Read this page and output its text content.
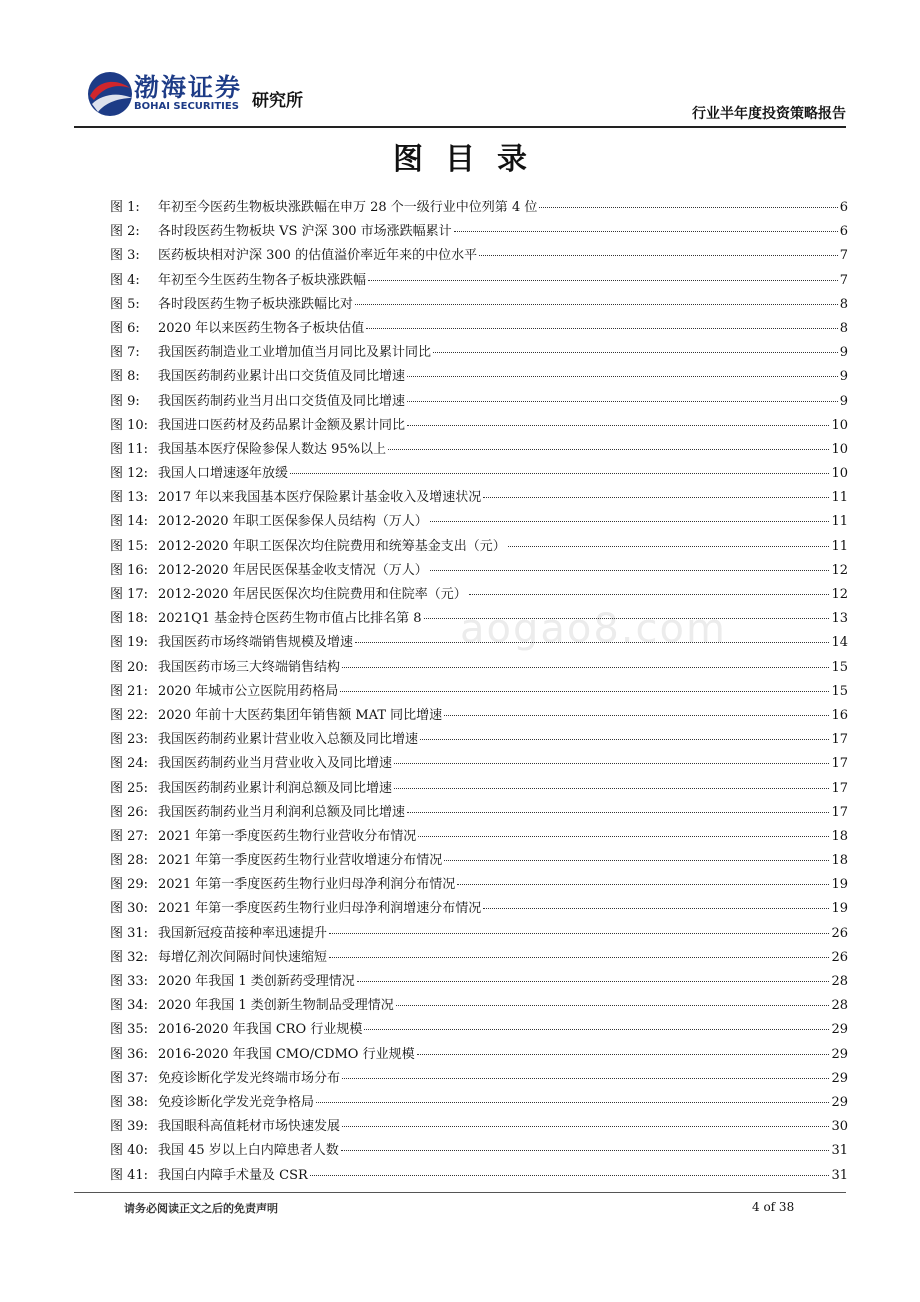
渤海证券
BOHAI SECURITIES 研究所
行业半年度投资策略报告
图目录
aogao8.com
图 1:	年初至今医药生物板块涨跌幅在申万 28 个一级行业中位列第 4 位	6
图 2:	各时段医药生物板块 VS 沪深 300 市场涨跌幅累计	6
图 3:	医药板块相对沪深 300 的估值溢价率近年来的中位水平	7
图 4:	年初至今生医药生物各子板块涨跌幅	7
图 5:	各时段医药生物子板块涨跌幅比对	8
图 6:	2020 年以来医药生物各子板块估值	8
图 7:	我国医药制造业工业增加值当月同比及累计同比	9
图 8:	我国医药制药业累计出口交货值及同比增速	9
图 9:	我国医药制药业当月出口交货值及同比增速	9
图 10: 我国进口医药材及药品累计金额及累计同比	10
图 11: 我国基本医疗保险参保人数达 95%以上	10
图 12: 我国人口增速逐年放缓	10
图 13: 2017 年以来我国基本医疗保险累计基金收入及增速状况	11
图 14: 2012-2020 年职工医保参保人员结构（万人）	11
图 15: 2012-2020 年职工医保次均住院费用和统筹基金支出（元）	11
图 16: 2012-2020 年居民医保基金收支情况（万人）	12
图 17: 2012-2020 年居民医保次均住院费用和住院率（元）	12
图 18: 2021Q1 基金持仓医药生物市值占比排名第 8	13
图 19: 我国医药市场终端销售规模及增速	14
图 20: 我国医药市场三大终端销售结构	15
图 21: 2020 年城市公立医院用药格局	15
图 22: 2020 年前十大医药集团年销售额 MAT 同比增速	16
图 23: 我国医药制药业累计营业收入总额及同比增速	17
图 24: 我国医药制药业当月营业收入及同比增速	17
图 25: 我国医药制药业累计利润总额及同比增速	17
图 26: 我国医药制药业当月利润利总额及同比增速	17
图 27: 2021 年第一季度医药生物行业营收分布情况	18
图 28: 2021 年第一季度医药生物行业营收增速分布情况	18
图 29: 2021 年第一季度医药生物行业归母净利润分布情况	19
图 30: 2021 年第一季度医药生物行业归母净利润增速分布情况	19
图 31: 我国新冠疫苗接种率迅速提升	26
图 32: 每增亿剂次间隔时间快速缩短	26
图 33: 2020 年我国 1 类创新药受理情况	28
图 34: 2020 年我国 1 类创新生物制品受理情况	28
图 35: 2016-2020 年我国 CRO 行业规模	29
图 36: 2016-2020 年我国 CMO/CDMO 行业规模	29
图 37: 免疫诊断化学发光终端市场分布	29
图 38: 免疫诊断化学发光竞争格局	29
图 39: 我国眼科高值耗材市场快速发展	30
图 40: 我国 45 岁以上白内障患者人数	31
图 41: 我国白内障手术量及 CSR	31
请务必阅读正文之后的免责声明	4 of 38
